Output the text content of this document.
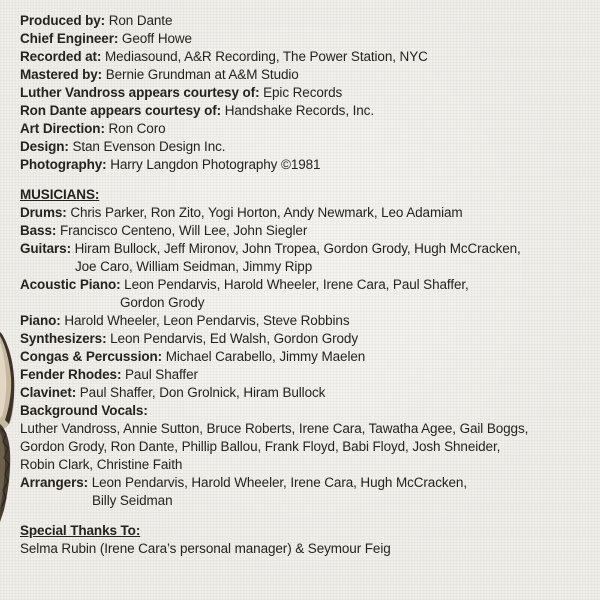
Produced by: Ron Dante
Chief Engineer: Geoff Howe
Recorded at: Mediasound, A&R Recording, The Power Station, NYC
Mastered by: Bernie Grundman at A&M Studio
Luther Vandross appears courtesy of: Epic Records
Ron Dante appears courtesy of: Handshake Records, Inc.
Art Direction: Ron Coro
Design: Stan Evenson Design Inc.
Photography: Harry Langdon Photography ©1981
MUSICIANS:
Drums: Chris Parker, Ron Zito, Yogi Horton, Andy Newmark, Leo Adamiam
Bass: Francisco Centeno, Will Lee, John Siegler
Guitars: Hiram Bullock, Jeff Mironov, John Tropea, Gordon Grody, Hugh McCracken,
Joe Caro, William Seidman, Jimmy Ripp
Acoustic Piano: Leon Pendarvis, Harold Wheeler, Irene Cara, Paul Shaffer,
Gordon Grody
Piano: Harold Wheeler, Leon Pendarvis, Steve Robbins
Synthesizers: Leon Pendarvis, Ed Walsh, Gordon Grody
Congas & Percussion: Michael Carabello, Jimmy Maelen
Fender Rhodes: Paul Shaffer
Clavinet: Paul Shaffer, Don Grolnick, Hiram Bullock
Background Vocals:
Luther Vandross, Annie Sutton, Bruce Roberts, Irene Cara, Tawatha Agee, Gail Boggs,
Gordon Grody, Ron Dante, Phillip Ballou, Frank Floyd, Babi Floyd, Josh Shneider,
Robin Clark, Christine Faith
Arrangers: Leon Pendarvis, Harold Wheeler, Irene Cara, Hugh McCracken,
Billy Seidman
Special Thanks To:
Selma Rubin (Irene Cara’s personal manager) & Seymour Feig
